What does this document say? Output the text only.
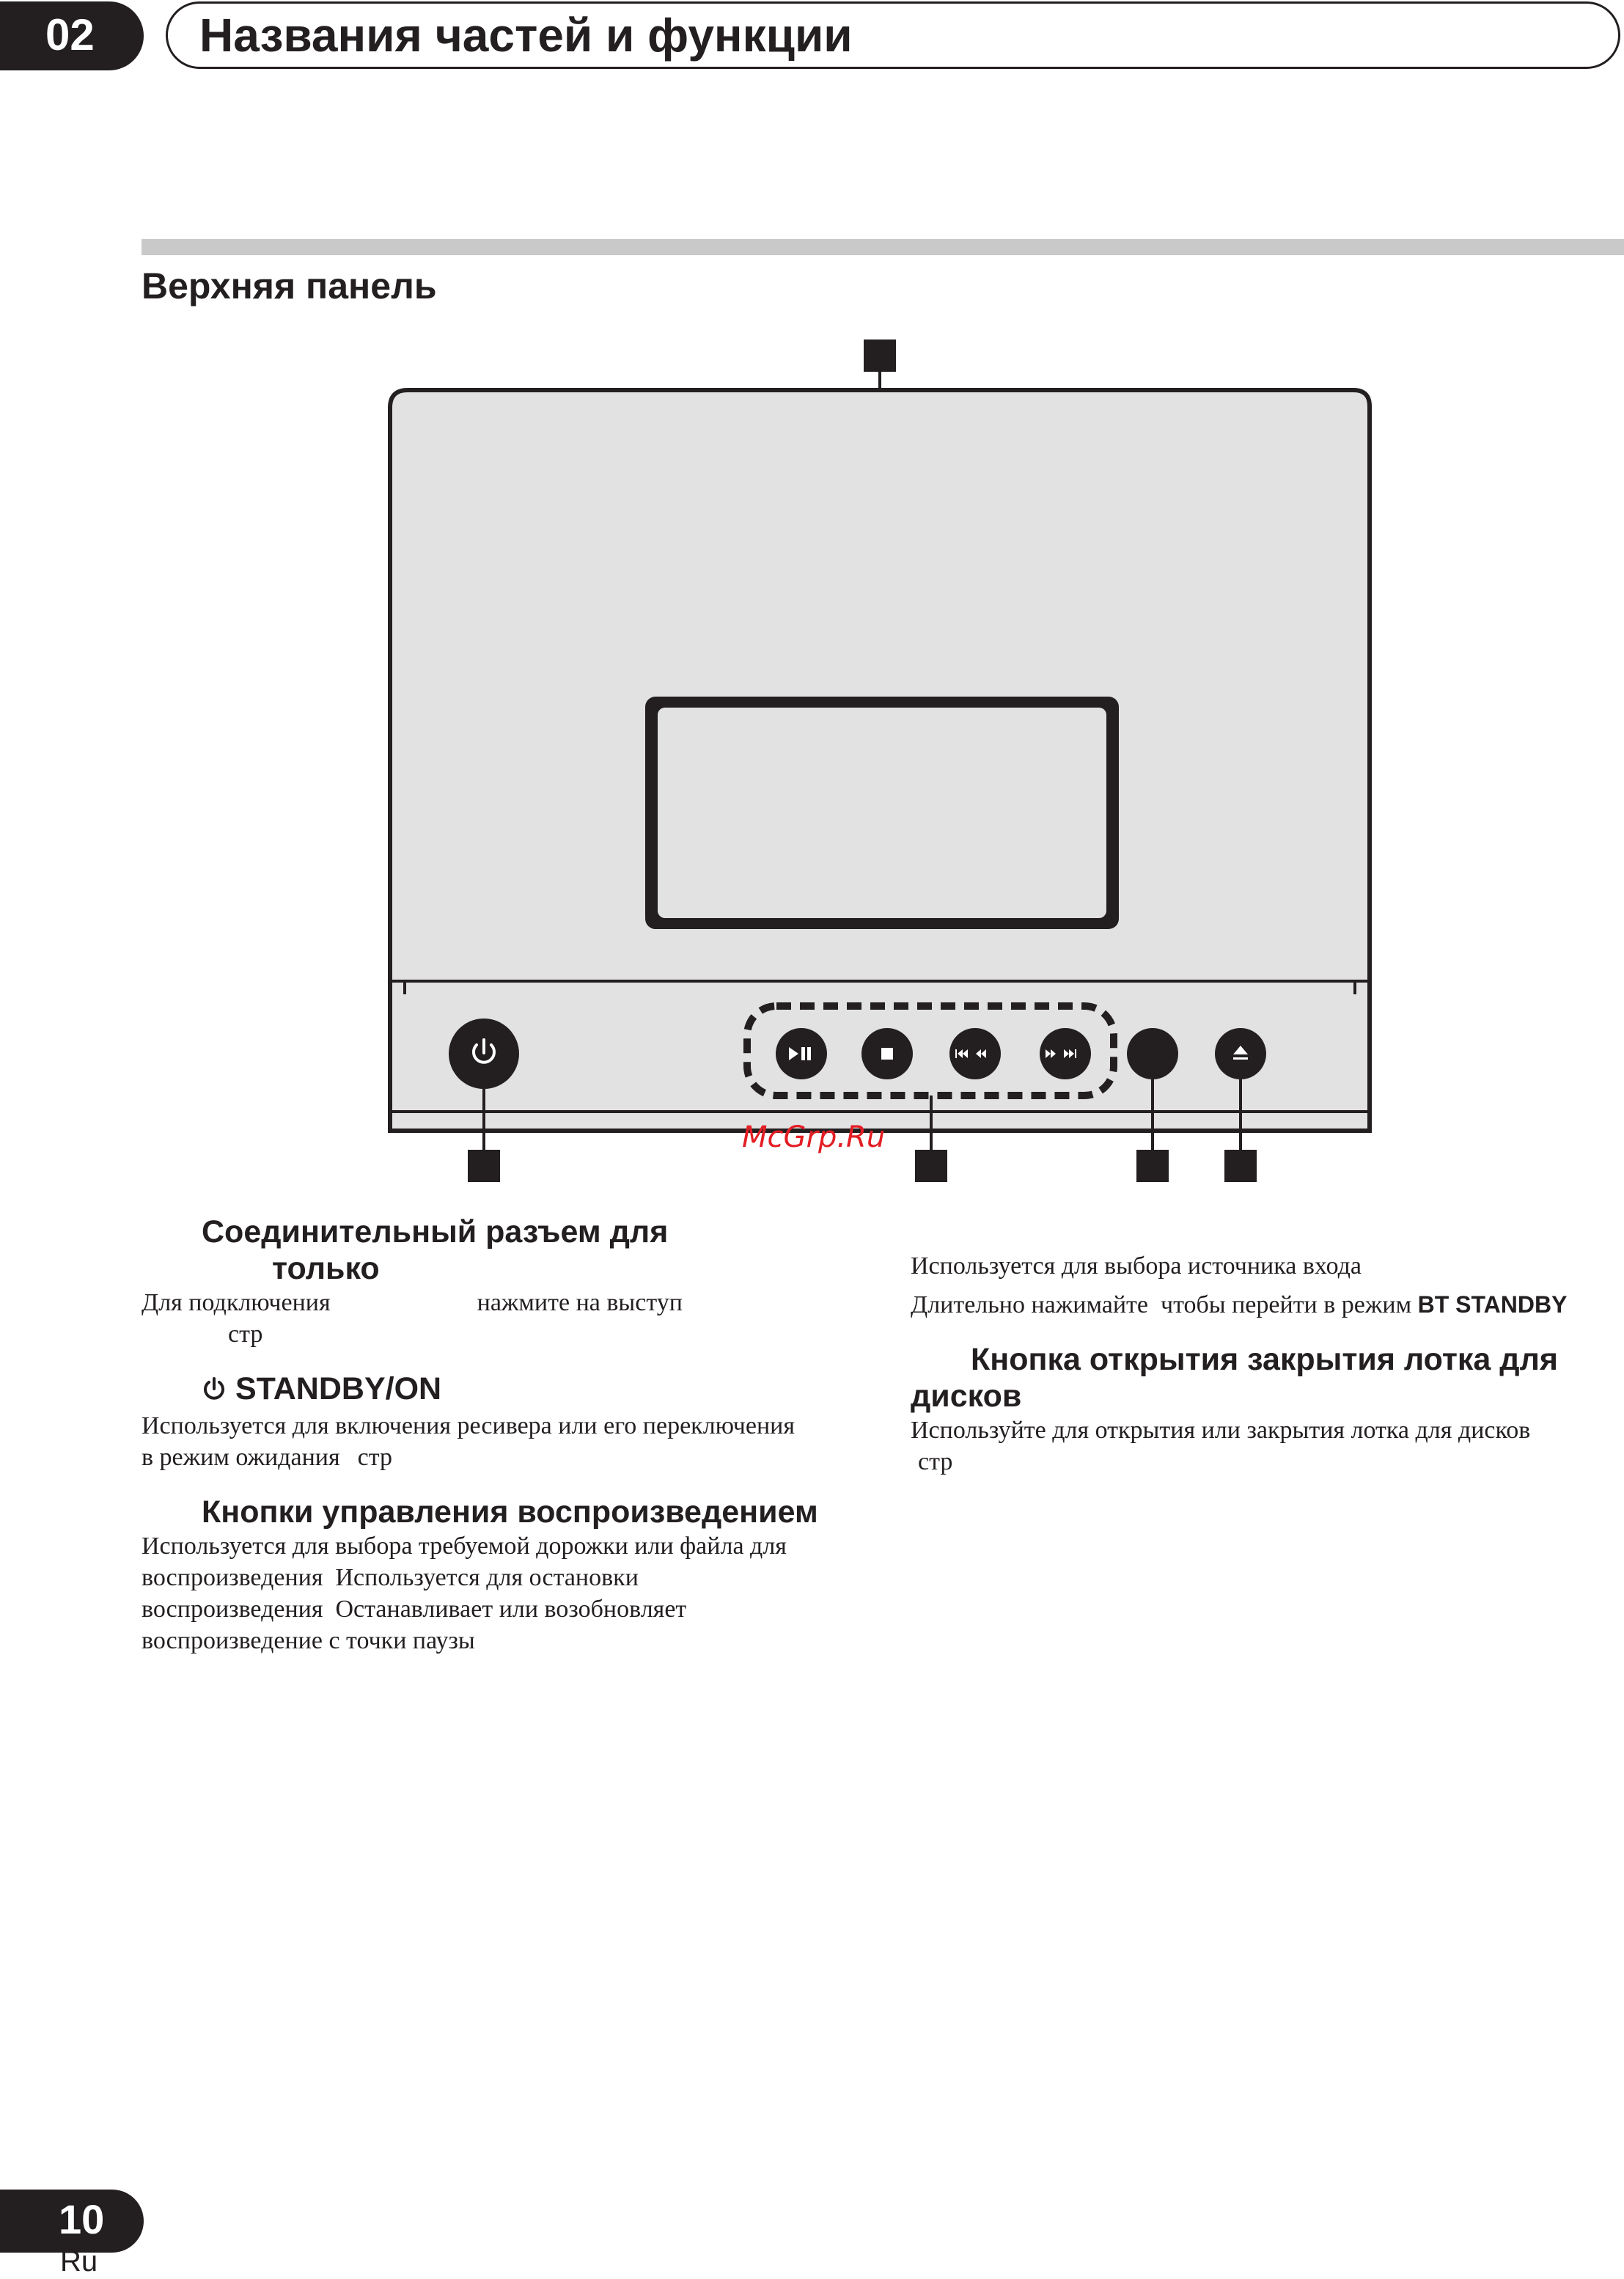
02 Названия частей и функции
Верхняя панель
McGrp.Ru
Соединительный разъем для
только

Для подключения	нажмите на выступ

стр

STANDBY/ON

Используется для включения ресивера или его переключения

в режим ожидания стр

Кнопки управления воспроизведением

Используется для выбора требуемой дорожки или файла для

воспроизведения  Используется для остановки

воспроизведения  Останавливает или возобновляет

воспроизведение с точки паузы

Используется для выбора источника входа

Длительно нажимайте  чтобы перейти в режим BT STANDBY

Кнопка открытия закрытия лотка для
дисков

Используйте для открытия или закрытия лотка для дисков

стр

10
Ru
